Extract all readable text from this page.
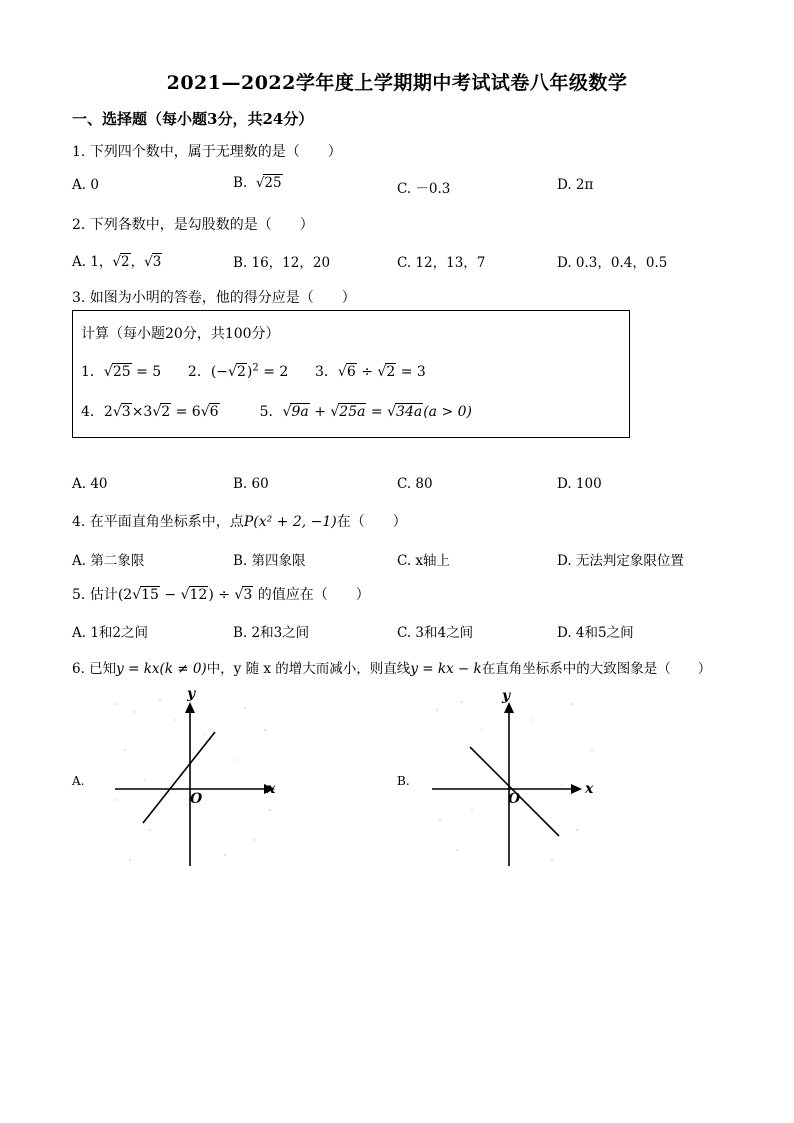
2021—2022学年度上学期期中考试试卷八年级数学
一、选择题（每小题3分，共24分）
1. 下列四个数中，属于无理数的是（　　）
A. 0	B. √25	C. －0.3	D. 2π
2. 下列各数中，是勾股数的是（　　）
A. 1，√2，√3	B. 16，12，20	C. 12，13，7	D. 0.3，0.4，0.5
3. 如图为小明的答卷，他的得分应是（　　）
计算（每小题20分，共100分）
1．√25 = 5 2．$(-√2)^2 = 2$ 3．√6 ÷ √2 = 3
4．2√3×3√2 = 6√6	5．√9a + √25a = √34a(a > 0)
A. 40	B. 60	C. 80	D. 100
4. 在平面直角坐标系中，点P(x² + 2, −1)在（　　）
A. 第二象限	B. 第四象限	C. x轴上	D. 无法判定象限位置
5. 估计(2√15 − √12) ÷ √3 的值应在（　　）
A. 1和2之间	B. 2和3之间	C. 3和4之间	D. 4和5之间
6. 已知y = kx(k ≠ 0)中，y 随 x 的增大而减小，则直线y = kx − k在直角坐标系中的大致图象是（　　）
A.
y
x
O
B.
y
x
O
